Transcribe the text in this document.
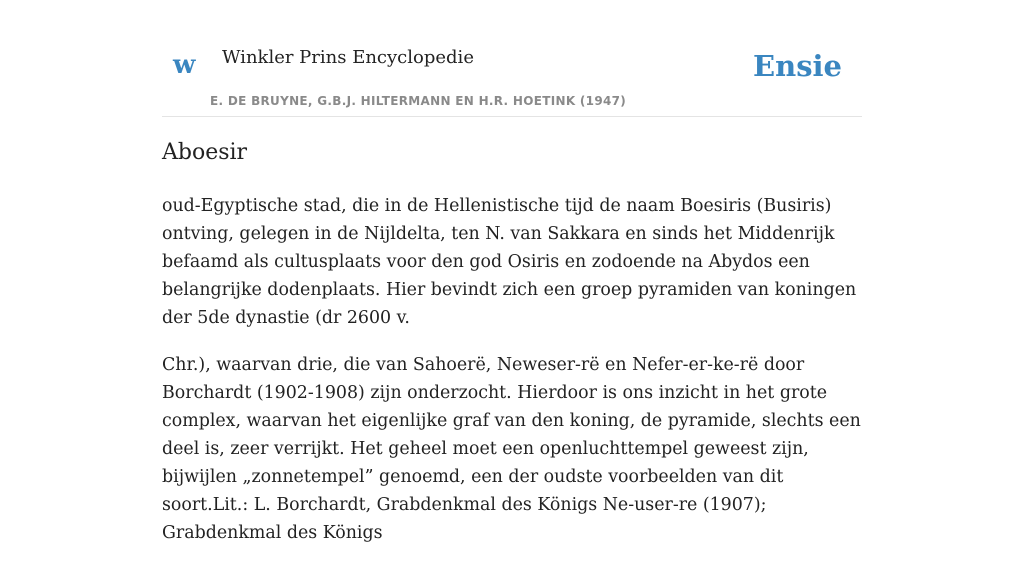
w Winkler Prins Encyclopedie
E. DE BRUYNE, G.B.J. HILTERMANN EN H.R. HOETINK (1947)
Ensie
Aboesir

oud-Egyptische stad, die in de Hellenistische tijd de naam Boesiris (Busiris) ontving, gelegen in de Nijldelta, ten N. van Sakkara en sinds het Middenrijk befaamd als cultusplaats voor den god Osiris en zodoende na Abydos een belangrijke dodenplaats. Hier bevindt zich een groep pyramiden van koningen der 5de dynastie (dr 2600 v.

Chr.), waarvan drie, die van Sahoerë, Neweser-rë en Nefer-er-ke-rë door Borchardt (1902-1908) zijn onderzocht. Hierdoor is ons inzicht in het grote complex, waarvan het eigenlijke graf van den koning, de pyramide, slechts een deel is, zeer verrijkt. Het geheel moet een openluchttempel geweest zijn, bijwijlen „zonnetempel” genoemd, een der oudste voorbeelden van dit soort.Lit.: L. Borchardt, Grabdenkmal des Königs Ne-user-re (1907); Grabdenkmal des Königs
